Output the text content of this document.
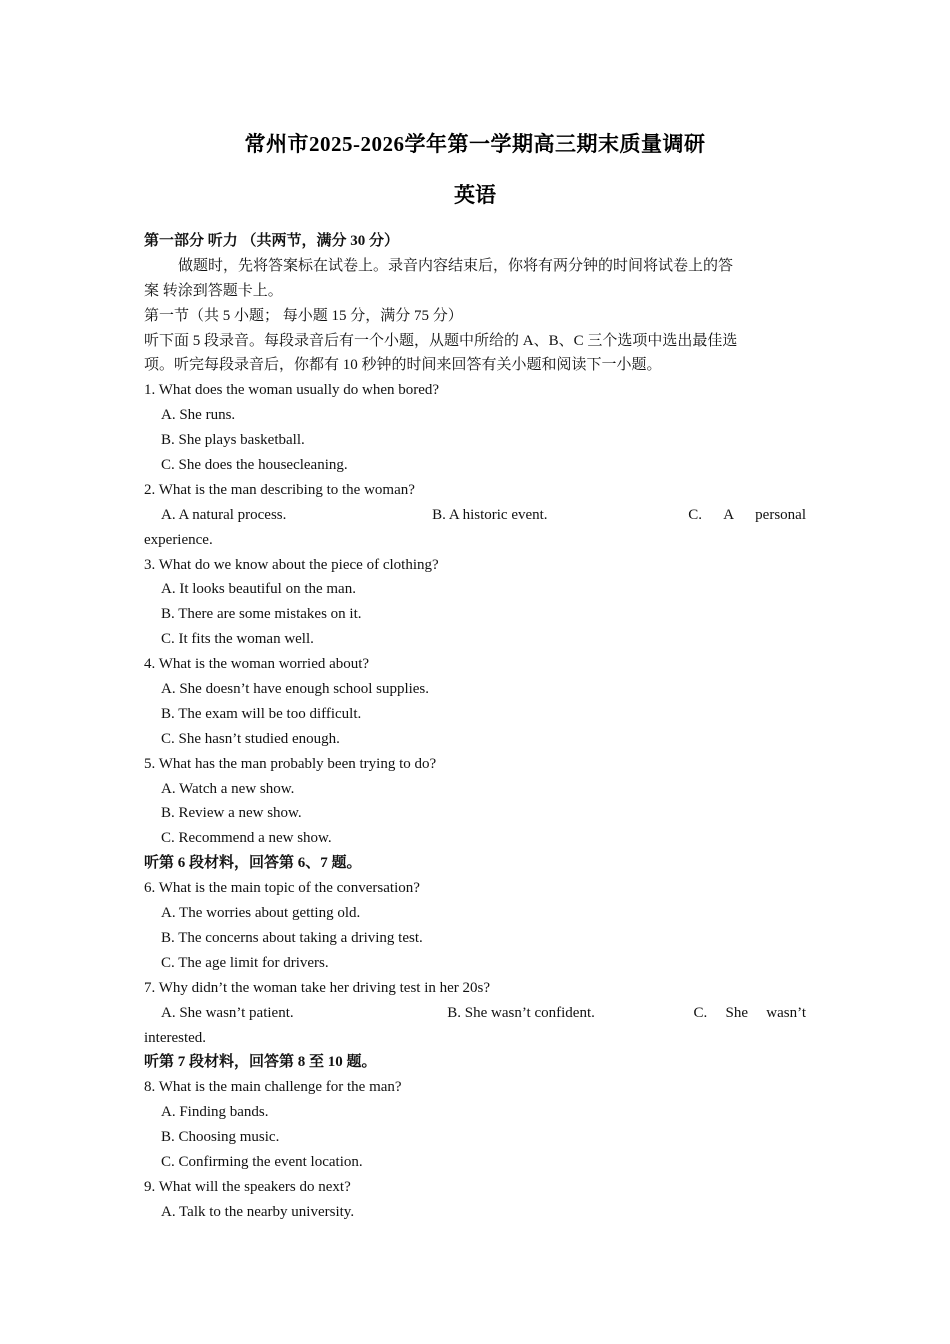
常州市2025-2026学年第一学期高三期末质量调研
英语
第一部分 听力 （共两节，满分 30 分）
做题时，先将答案标在试卷上。录音内容结束后，你将有两分钟的时间将试卷上的答
案 转涂到答题卡上。
第一节（共 5 小题； 每小题 15 分，满分 75 分）
听下面 5 段录音。每段录音后有一个小题，从题中所给的 A、B、C 三个选项中选出最佳选
项。听完每段录音后，你都有 10 秒钟的时间来回答有关小题和阅读下一小题。
1. What does the woman usually do when bored?
A. She runs.
B. She plays basketball.
C. She does the housecleaning.
2. What is the man describing to the woman?
A. A natural process.	B. A historic event.	C. A personal
experience.
3. What do we know about the piece of clothing?
A. It looks beautiful on the man.
B. There are some mistakes on it.
C. It fits the woman well.
4. What is the woman worried about?
A. She doesn’t have enough school supplies.
B. The exam will be too difficult.
C. She hasn’t studied enough.
5. What has the man probably been trying to do?
A. Watch a new show.
B. Review a new show.
C. Recommend a new show.
听第 6 段材料，回答第 6、7 题。
6. What is the main topic of the conversation?
A. The worries about getting old.
B. The concerns about taking a driving test.
C. The age limit for drivers.
7. Why didn’t the woman take her driving test in her 20s?
A. She wasn’t patient.	B. She wasn’t confident.	C. She wasn’t
interested.
听第 7 段材料，回答第 8 至 10 题。
8. What is the main challenge for the man?
A. Finding bands.
B. Choosing music.
C. Confirming the event location.
9. What will the speakers do next?
A. Talk to the nearby university.
